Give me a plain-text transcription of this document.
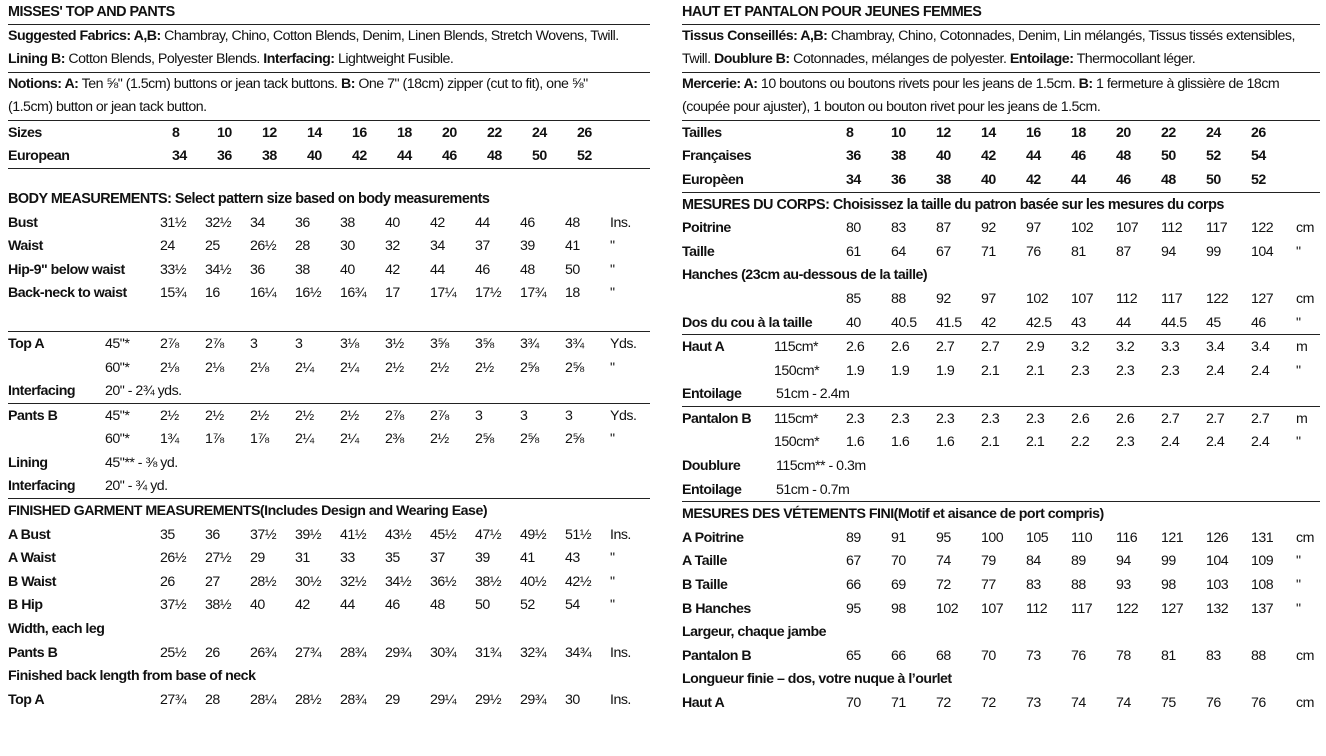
MISSES' TOP AND PANTS
Suggested Fabrics: A,B: Chambray, Chino, Cotton Blends, Denim, Linen Blends, Stretch Wovens, Twill.
Lining B: Cotton Blends, Polyester Blends. Interfacing: Lightweight Fusible.
Notions: A: Ten ⅝" (1.5cm) buttons or jean tack buttons. B: One 7" (18cm) zipper (cut to fit), one ⅝"
(1.5cm) button or jean tack button.
Sizes	8	10	12	14	16	18	20	22	24	26
European	34	36	38	40	42	44	46	48	50	52
BODY MEASUREMENTS: Select pattern size based on body measurements
Bust	31½	32½	34	36	38	40	42	44	46	48	Ins.
Waist	24	25	26½	28	30	32	34	37	39	41	"
Hip-9" below waist	33½	34½	36	38	40	42	44	46	48	50	"
Back-neck to waist	15¾	16	16¼	16½	16¾	17	17¼	17½	17¾	18	"
Top A	45"*	2⅞	2⅞	3	3	3⅛	3½	3⅝	3⅝	3¾	3¾	Yds.
60"*	2⅛	2⅛	2⅛	2¼	2¼	2½	2½	2½	2⅝	2⅝	"
Interfacing	20" - 2¾ yds.
Pants B	45"*	2½	2½	2½	2½	2½	2⅞	2⅞	3	3	3	Yds.
60"*	1¾	1⅞	1⅞	2¼	2¼	2⅜	2½	2⅝	2⅝	2⅝	"
Lining	45"** - ⅜ yd.
Interfacing	20" - ¾ yd.
FINISHED GARMENT MEASUREMENTS (Includes Design and Wearing Ease)
A Bust	35	36	37½	39½	41½	43½	45½	47½	49½	51½	Ins.
A Waist	26½	27½	29	31	33	35	37	39	41	43	"
B Waist	26	27	28½	30½	32½	34½	36½	38½	40½	42½	"
B Hip	37½	38½	40	42	44	46	48	50	52	54	"
Width, each leg
Pants B	25½	26	26¾	27¾	28¾	29¾	30¾	31¾	32¾	34¾	Ins.
Finished back length from base of neck
Top A	27¾	28	28¼	28½	28¾	29	29¼	29½	29¾	30	Ins.
HAUT ET PANTALON POUR JEUNES FEMMES
Tissus Conseillés: A,B: Chambray, Chino, Cotonnades, Denim, Lin mélangés, Tissus tissés extensibles,
Twill. Doublure B: Cotonnades, mélanges de polyester. Entoilage: Thermocollant léger.
Mercerie: A: 10 boutons ou boutons rivets pour les jeans de 1.5cm. B: 1 fermeture à glissière de 18cm
(coupée pour ajuster), 1 bouton ou bouton rivet pour les jeans de 1.5cm.
Tailles	8	10	12	14	16	18	20	22	24	26
Françaises	36	38	40	42	44	46	48	50	52	54
Europèen	34	36	38	40	42	44	46	48	50	52
MESURES DU CORPS: Choisissez la taille du patron basée sur les mesures du corps
Poitrine	80	83	87	92	97	102	107	112	117	122	cm
Taille	61	64	67	71	76	81	87	94	99	104	"
Hanches (23cm au-dessous de la taille)
85	88	92	97	102	107	112	117	122	127	cm
Dos du cou à la taille	40	40.5	41.5	42	42.5	43	44	44.5	45	46	"
Haut A	115cm*	2.6	2.6	2.7	2.7	2.9	3.2	3.2	3.3	3.4	3.4	m
150cm*	1.9	1.9	1.9	2.1	2.1	2.3	2.3	2.3	2.4	2.4	"
Entoilage	51cm - 2.4m
Pantalon B	115cm*	2.3	2.3	2.3	2.3	2.3	2.6	2.6	2.7	2.7	2.7	m
150cm*	1.6	1.6	1.6	2.1	2.1	2.2	2.3	2.4	2.4	2.4	"
Doublure	115cm** - 0.3m
Entoilage	51cm - 0.7m
MESURES DES VÉTEMENTS FINI (Motif et aisance de port compris)
A Poitrine	89	91	95	100	105	110	116	121	126	131	cm
A Taille	67	70	74	79	84	89	94	99	104	109	"
B Taille	66	69	72	77	83	88	93	98	103	108	"
B Hanches	95	98	102	107	112	117	122	127	132	137	"
Largeur, chaque jambe
Pantalon B	65	66	68	70	73	76	78	81	83	88	cm
Longueur finie – dos, votre nuque à l’ourlet
Haut A	70	71	72	72	73	74	74	75	76	76	cm
